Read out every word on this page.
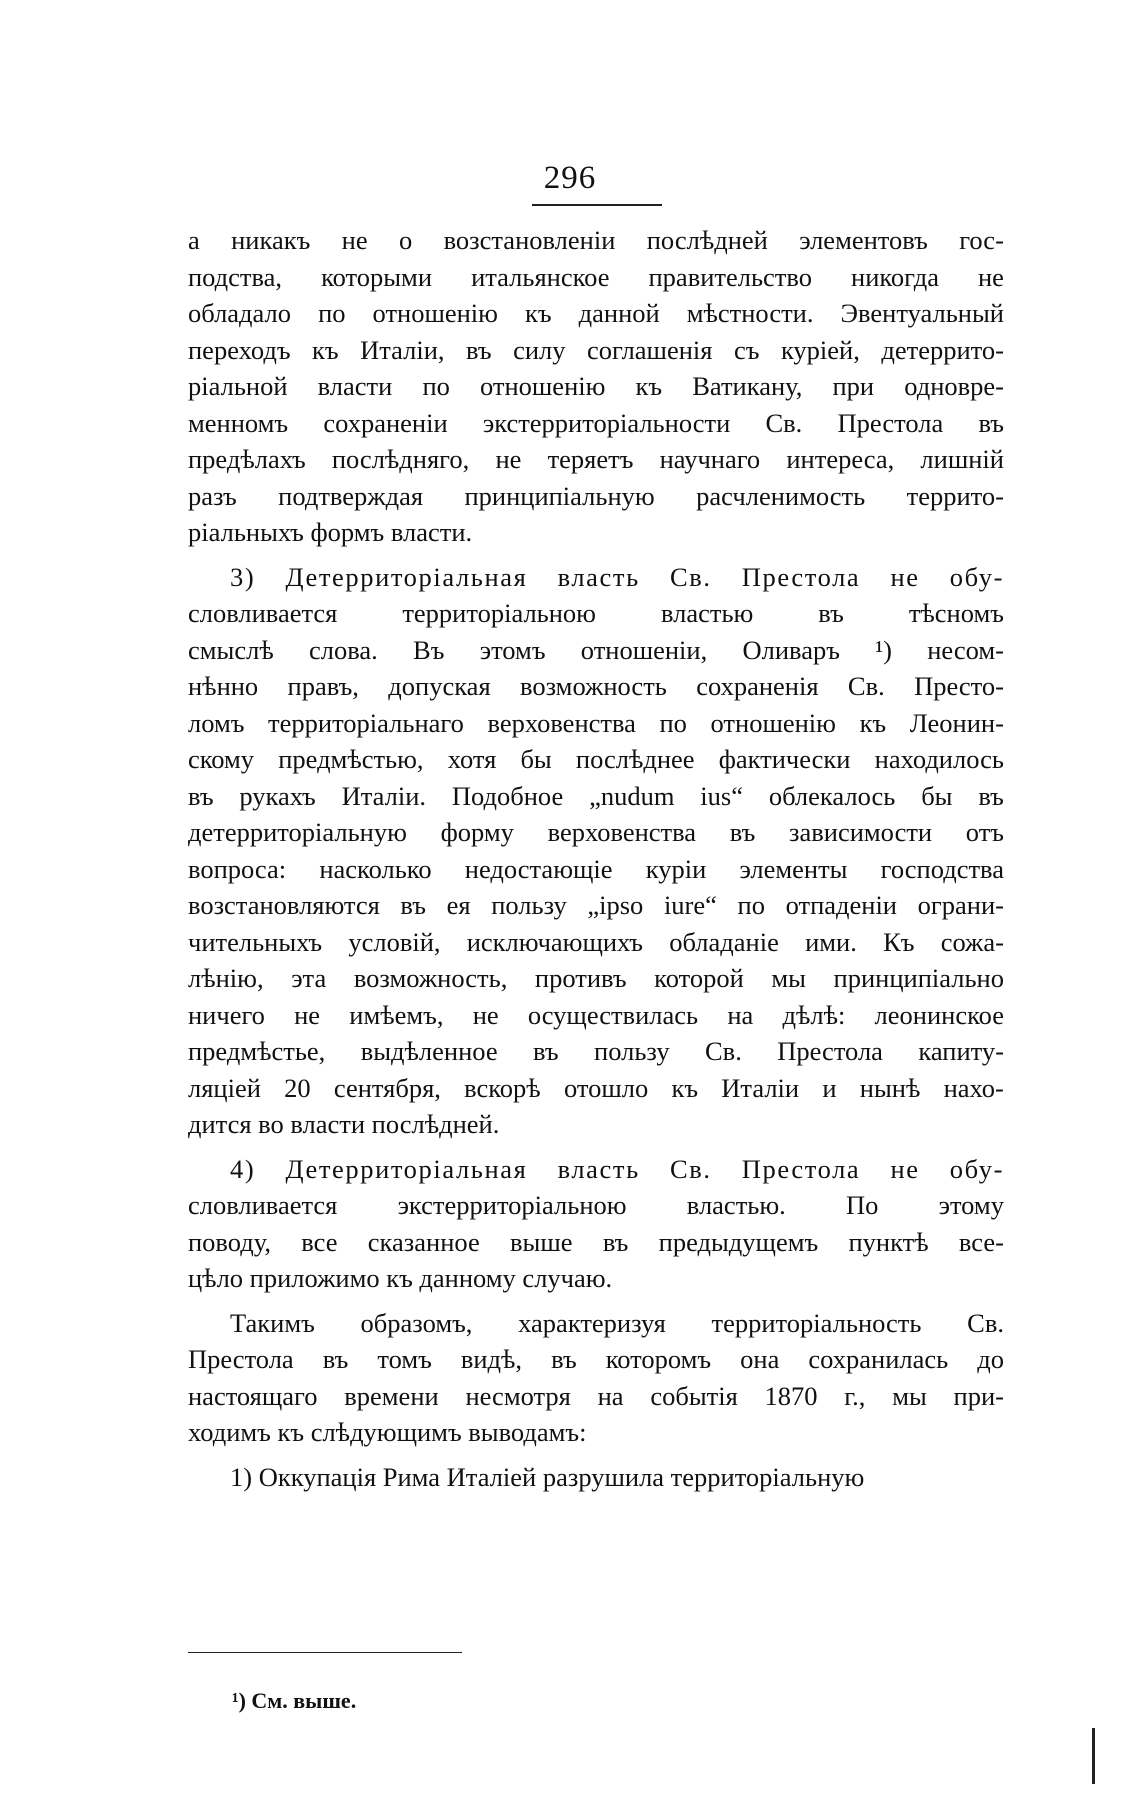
296
а никакъ не о возстановленіи послѣдней элементовъ гос-
подства, которыми итальянское правительство никогда не
обладало по отношенію къ данной мѣстности. Эвентуальный
переходъ къ Италіи, въ силу соглашенія съ куріей, детеррито-
ріальной власти по отношенію къ Ватикану, при одновре-
менномъ сохраненіи экстерриторіальности Св. Престола въ
предѣлахъ послѣдняго, не теряетъ научнаго интереса, лишній
разъ подтверждая принципіальную расчленимость террито-
ріальныхъ формъ власти.
3) Детерриторіальная власть Св. Престола не обу-
словливается территоріальною властью въ тѣсномъ
смыслѣ слова. Въ этомъ отношеніи, Оливаръ ¹) несом-
нѣнно правъ, допуская возможность сохраненія Св. Престо-
ломъ территоріальнаго верховенства по отношенію къ Леонин-
скому предмѣстью, хотя бы послѣднее фактически находилось
въ рукахъ Италіи. Подобное „nudum ius“ облекалось бы въ
детерриторіальную форму верховенства въ зависимости отъ
вопроса: насколько недостающіе куріи элементы господства
возстановляются въ ея пользу „ipso iure“ по отпаденіи ограни-
чительныхъ условій, исключающихъ обладаніе ими. Къ сожа-
лѣнію, эта возможность, противъ которой мы принципіально
ничего не имѣемъ, не осуществилась на дѣлѣ: леонинское
предмѣстье, выдѣленное въ пользу Св. Престола капиту-
ляціей 20 сентября, вскорѣ отошло къ Италіи и нынѣ нахо-
дится во власти послѣдней.
4) Детерриторіальная власть Св. Престола не обу-
словливается экстерриторіальною властью. По этому
поводу, все сказанное выше въ предыдущемъ пунктѣ все-
цѣло приложимо къ данному случаю.
Такимъ образомъ, характеризуя территоріальность Св.
Престола въ томъ видѣ, въ которомъ она сохранилась до
настоящаго времени несмотря на событія 1870 г., мы при-
ходимъ къ слѣдующимъ выводамъ:
1) Оккупація Рима Италіей разрушила территоріальную
¹) См. выше.
